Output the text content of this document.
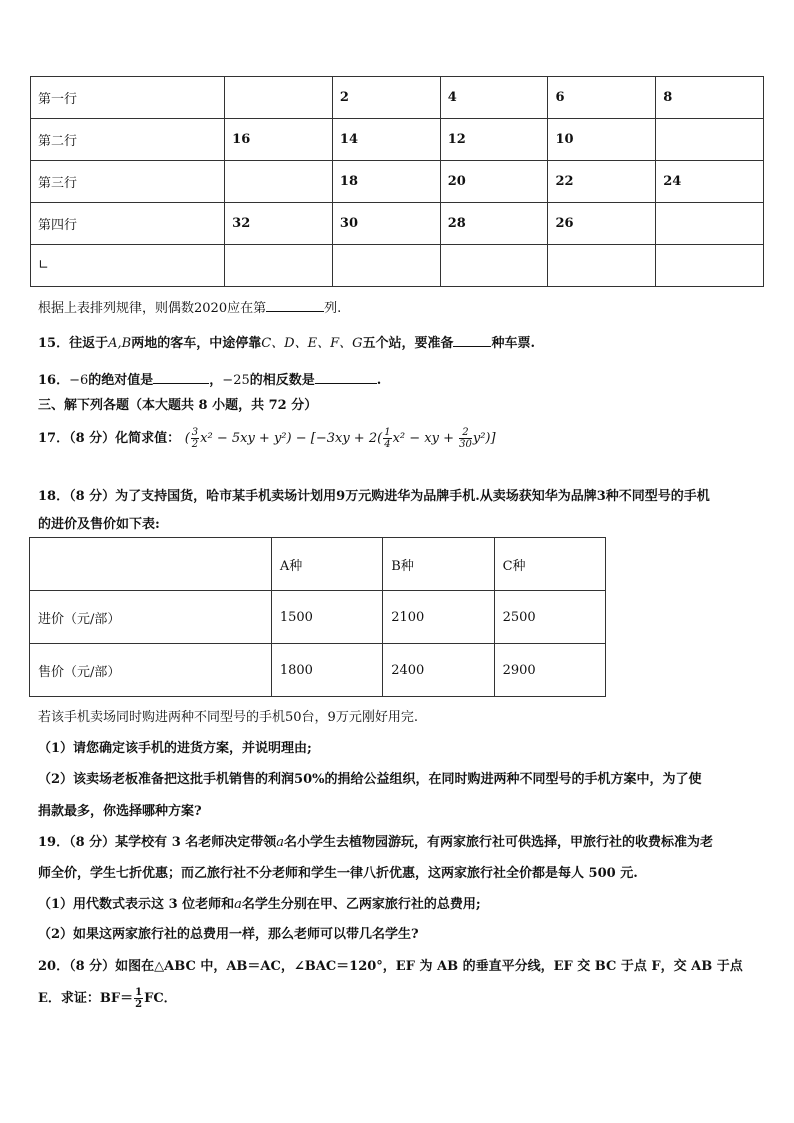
第一行		2	4	6	8
第二行	16	14	12	10	
第三行		18	20	22	24
第四行	32	30	28	26	
∟					
根据上表排列规律，则偶数2020应在第	列.
15．往返于A,B两地的客车，中途停靠C、D、E、F、G五个站，要准备	种车票.
16．−6的绝对值是	，−25的相反数是	.
三、解下列各题（本大题共 8 小题，共 72 分）
17．（8 分）化简求值： ( $\frac{3}{2} x^2 - 5xy + y^2) - [-3xy + 2( \frac{1}{4} x^2$ − xy + $\frac{2}{30} y^2$)]
18．（8 分）为了支持国货，哈市某手机卖场计划用9万元购进华为品牌手机.从卖场获知华为品牌3种不同型号的手机
的进价及售价如下表:
	A种	B种	C种
进价（元/部）	1500	2100	2500
售价（元/部）	1800	2400	2900
若该手机卖场同时购进两种不同型号的手机50台，9万元刚好用完.
（1）请您确定该手机的进货方案，并说明理由;
（2）该卖场老板准备把这批手机销售的利润50%的捐给公益组织，在同时购进两种不同型号的手机方案中，为了使
捐款最多，你选择哪种方案?
19．（8 分）某学校有 3 名老师决定带领a名小学生去植物园游玩，有两家旅行社可供选择，甲旅行社的收费标准为老
师全价，学生七折优惠；而乙旅行社不分老师和学生一律八折优惠，这两家旅行社全价都是每人 500 元.
（1）用代数式表示这 3 位老师和a名学生分别在甲、乙两家旅行社的总费用;
（2）如果这两家旅行社的总费用一样，那么老师可以带几名学生?
20．（8 分）如图在△ABC 中，AB＝AC，∠BAC＝120°，EF 为 AB 的垂直平分线，EF 交 BC 于点 F，交 AB 于点
E．求证：$BF= \frac{1}{2}$ FC．
